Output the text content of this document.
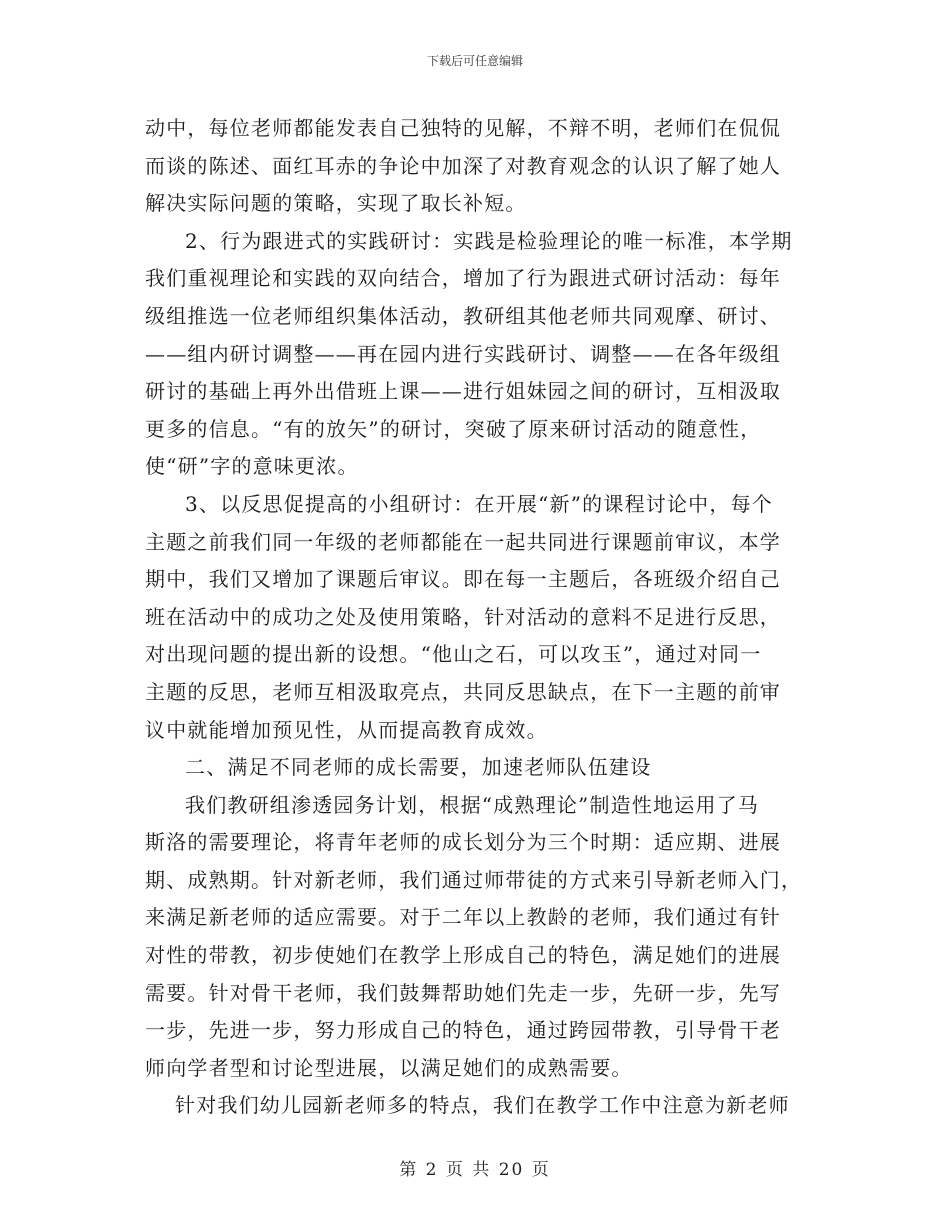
下载后可任意编辑
动中，每位老师都能发表自己独特的见解，不辩不明，老师们在侃侃
而谈的陈述、面红耳赤的争论中加深了对教育观念的认识了解了她人
解决实际问题的策略，实现了取长补短。
2、行为跟进式的实践研讨：实践是检验理论的唯一标准，本学期
我们重视理论和实践的双向结合，增加了行为跟进式研讨活动：每年
级组推选一位老师组织集体活动，教研组其他老师共同观摩、研讨、
——组内研讨调整——再在园内进行实践研讨、调整——在各年级组
研讨的基础上再外出借班上课——进行姐妹园之间的研讨，互相汲取
更多的信息。“有的放矢”的研讨，突破了原来研讨活动的随意性，
使“研”字的意味更浓。
3、以反思促提高的小组研讨：在开展“新”的课程讨论中，每个
主题之前我们同一年级的老师都能在一起共同进行课题前审议，本学
期中，我们又增加了课题后审议。即在每一主题后，各班级介绍自己
班在活动中的成功之处及使用策略，针对活动的意料不足进行反思，
对出现问题的提出新的设想。“他山之石，可以攻玉”，通过对同一
主题的反思，老师互相汲取亮点，共同反思缺点，在下一主题的前审
议中就能增加预见性，从而提高教育成效。
二、满足不同老师的成长需要，加速老师队伍建设
我们教研组渗透园务计划，根据“成熟理论”制造性地运用了马
斯洛的需要理论，将青年老师的成长划分为三个时期：适应期、进展
期、成熟期。针对新老师，我们通过师带徒的方式来引导新老师入门，
来满足新老师的适应需要。对于二年以上教龄的老师，我们通过有针
对性的带教，初步使她们在教学上形成自己的特色，满足她们的进展
需要。针对骨干老师，我们鼓舞帮助她们先走一步，先研一步，先写
一步，先进一步，努力形成自己的特色，通过跨园带教，引导骨干老
师向学者型和讨论型进展，以满足她们的成熟需要。
针对我们幼儿园新老师多的特点，我们在教学工作中注意为新老师
第 2 页 共 20 页
